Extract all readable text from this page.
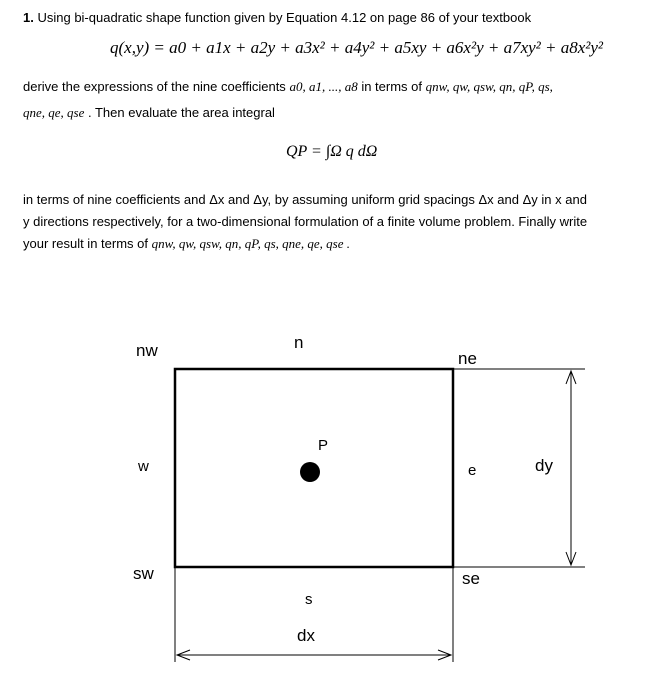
1. Using bi-quadratic shape function given by Equation 4.12 on page 86 of your textbook
q(x,y) = a0 + a1x + a2y + a3x² + a4y² + a5xy + a6x²y + a7xy² + a8x²y²
derive the expressions of the nine coefficients a0, a1, ..., a8 in terms of qnw, qw, qsw, qn, qP, qs,
qne, qe, qse . Then evaluate the area integral
QP = ∫Ω q dΩ
in terms of nine coefficients and Δx and Δy, by assuming uniform grid spacings Δx and Δy in x and
y directions respectively, for a two-dimensional formulation of a finite volume problem. Finally write
your result in terms of qnw, qw, qsw, qn, qP, qs, qne, qe, qse .
nw	n
ne
w
P
e	dy
sw	se
s
dx
